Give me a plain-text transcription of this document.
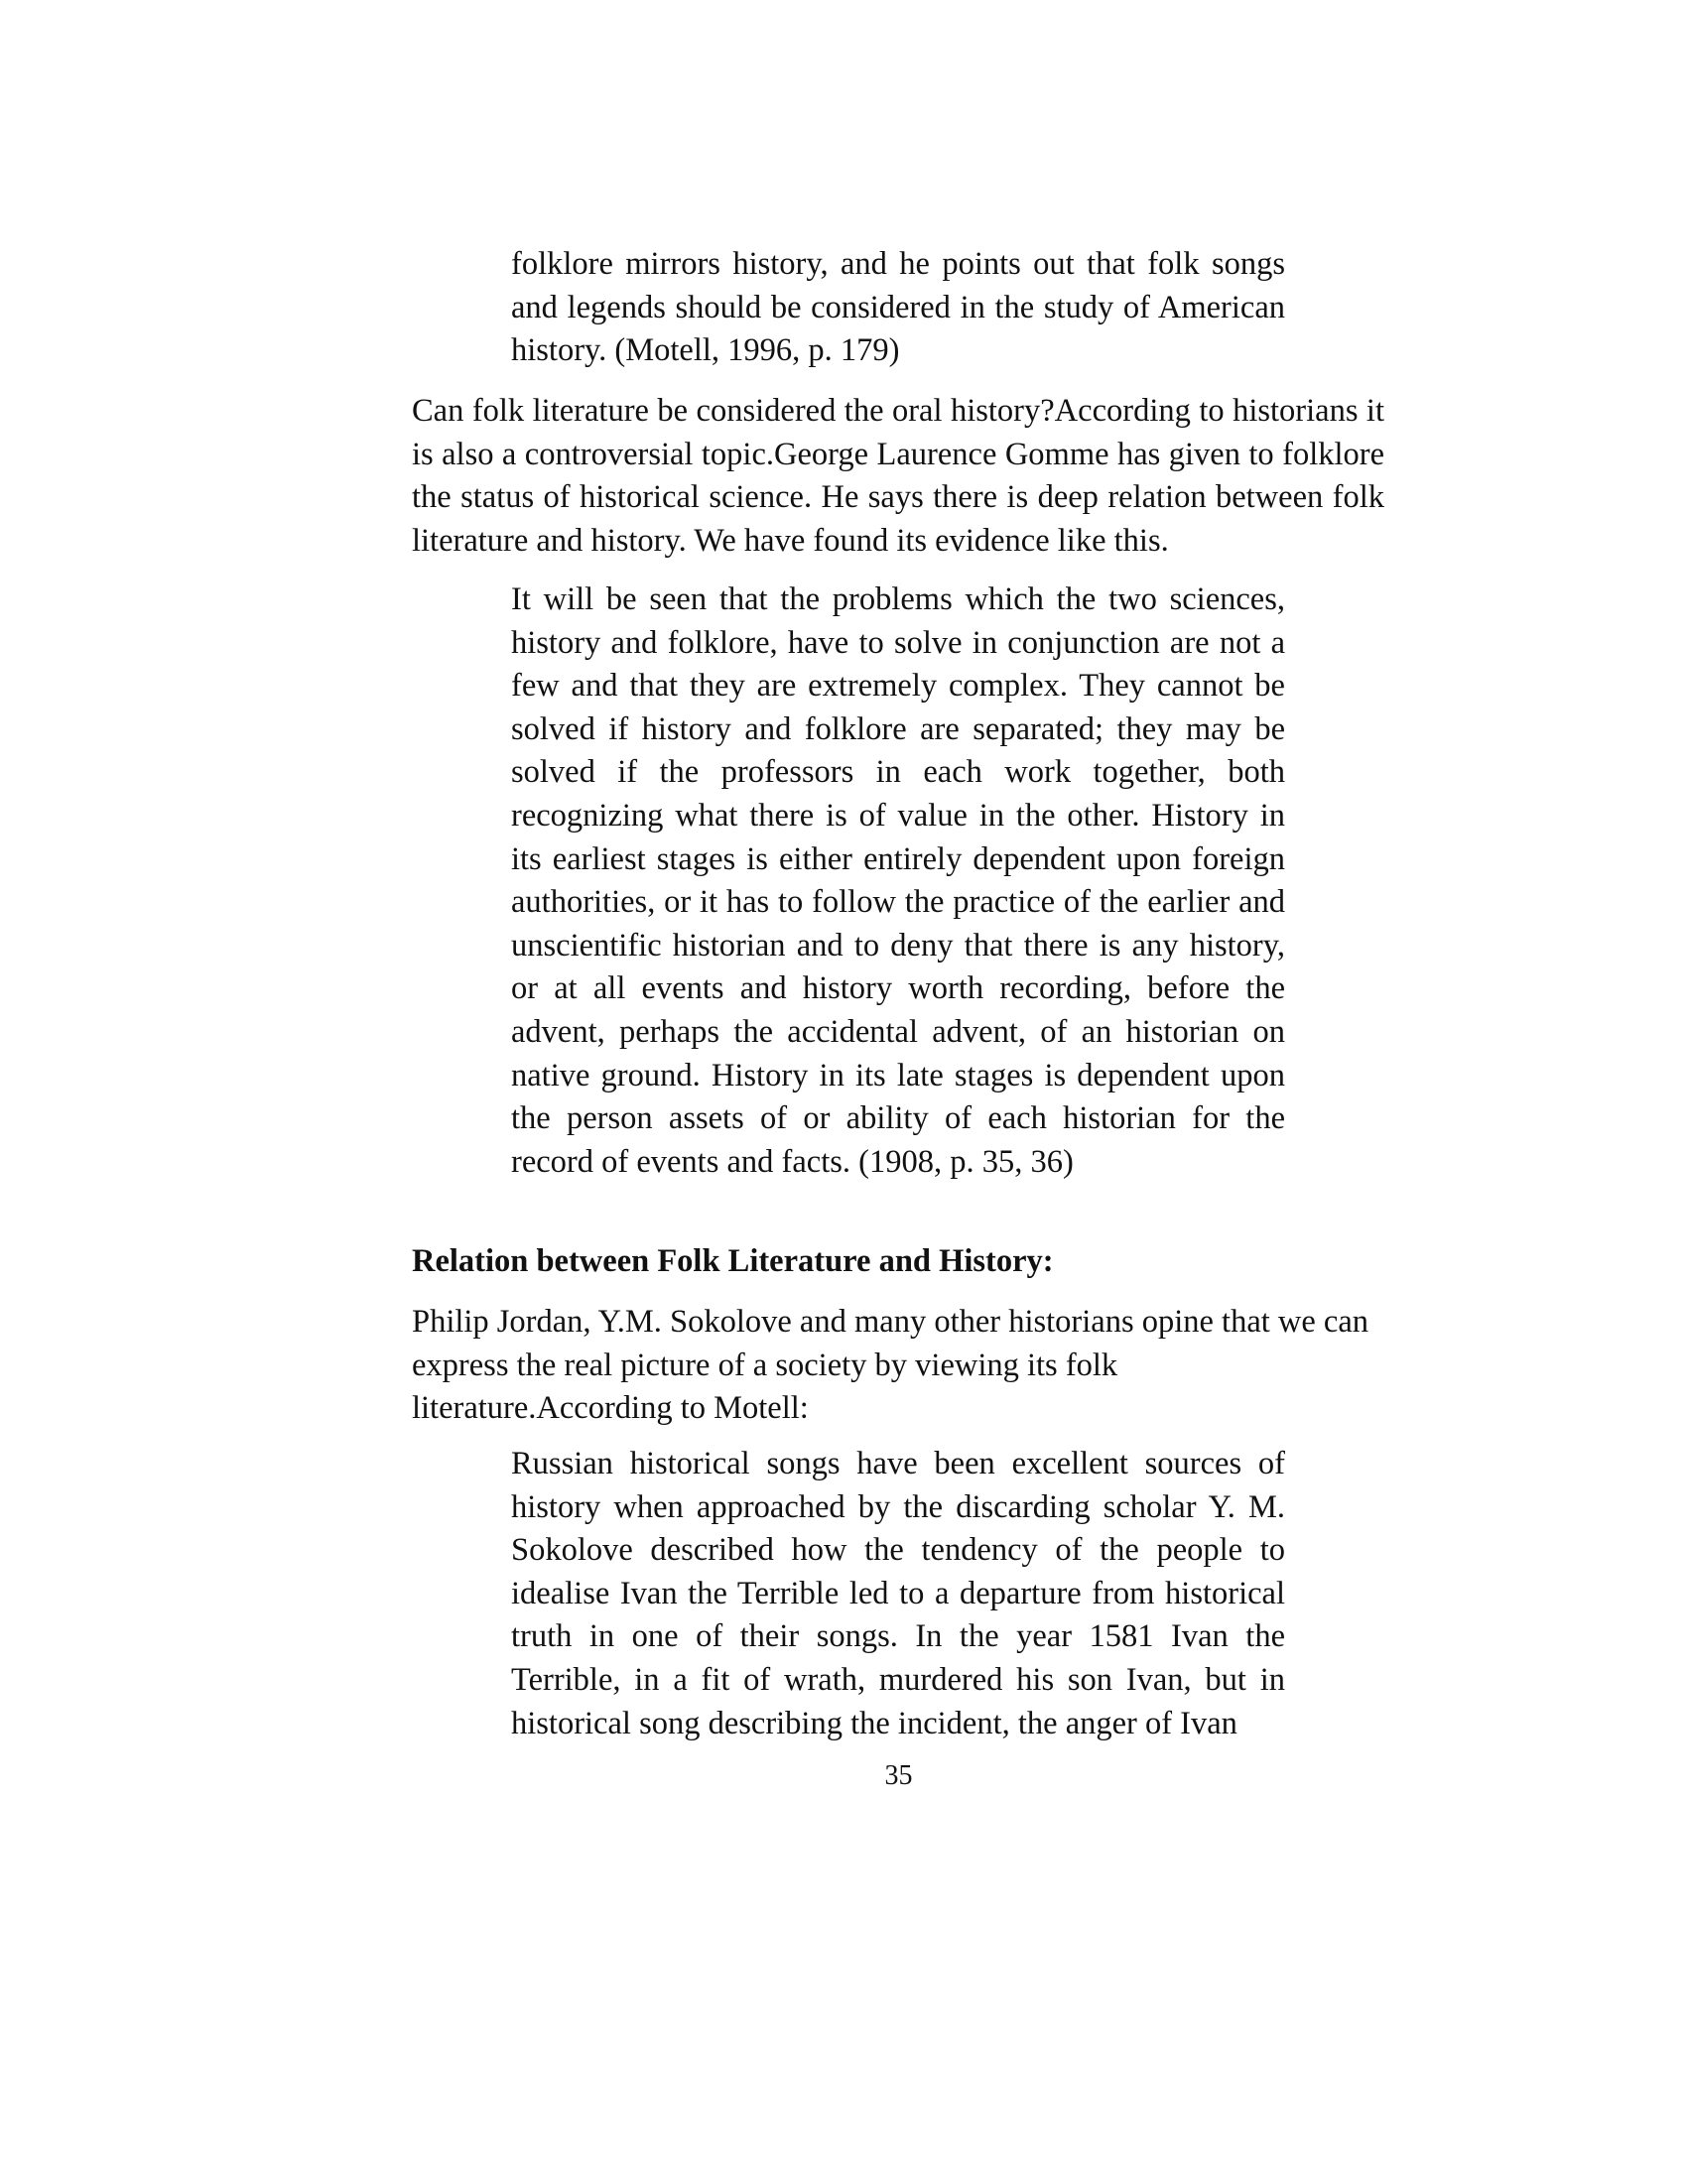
folklore mirrors history, and he points out that folk songs and legends should be considered in the study of American history. (Motell, 1996, p. 179)

Can folk literature be considered the oral history?According to historians it is also a controversial topic.George Laurence Gomme has given to folklore the status of historical science. He says there is deep relation between folk literature and history. We have found its evidence like this.

It will be seen that the problems which the two sciences, history and folklore, have to solve in conjunction are not a few and that they are extremely complex. They cannot be solved if history and folklore are separated; they may be solved if the professors in each work together, both recognizing what there is of value in the other. History in its earliest stages is either entirely dependent upon foreign authorities, or it has to follow the practice of the earlier and unscientific historian and to deny that there is any history, or at all events and history worth recording, before the advent, perhaps the accidental advent, of an historian on native ground. History in its late stages is dependent upon the person assets of or ability of each historian for the record of events and facts. (1908, p. 35, 36)

Relation between Folk Literature and History:

Philip Jordan, Y.M. Sokolove and many other historians opine that we can express the real picture of a society by viewing its folk literature.According to Motell:

Russian historical songs have been excellent sources of history when approached by the discarding scholar Y. M. Sokolove described how the tendency of the people to idealise Ivan the Terrible led to a departure from historical truth in one of their songs. In the year 1581 Ivan the Terrible, in a fit of wrath, murdered his son Ivan, but in historical song describing the incident, the anger of Ivan

35
